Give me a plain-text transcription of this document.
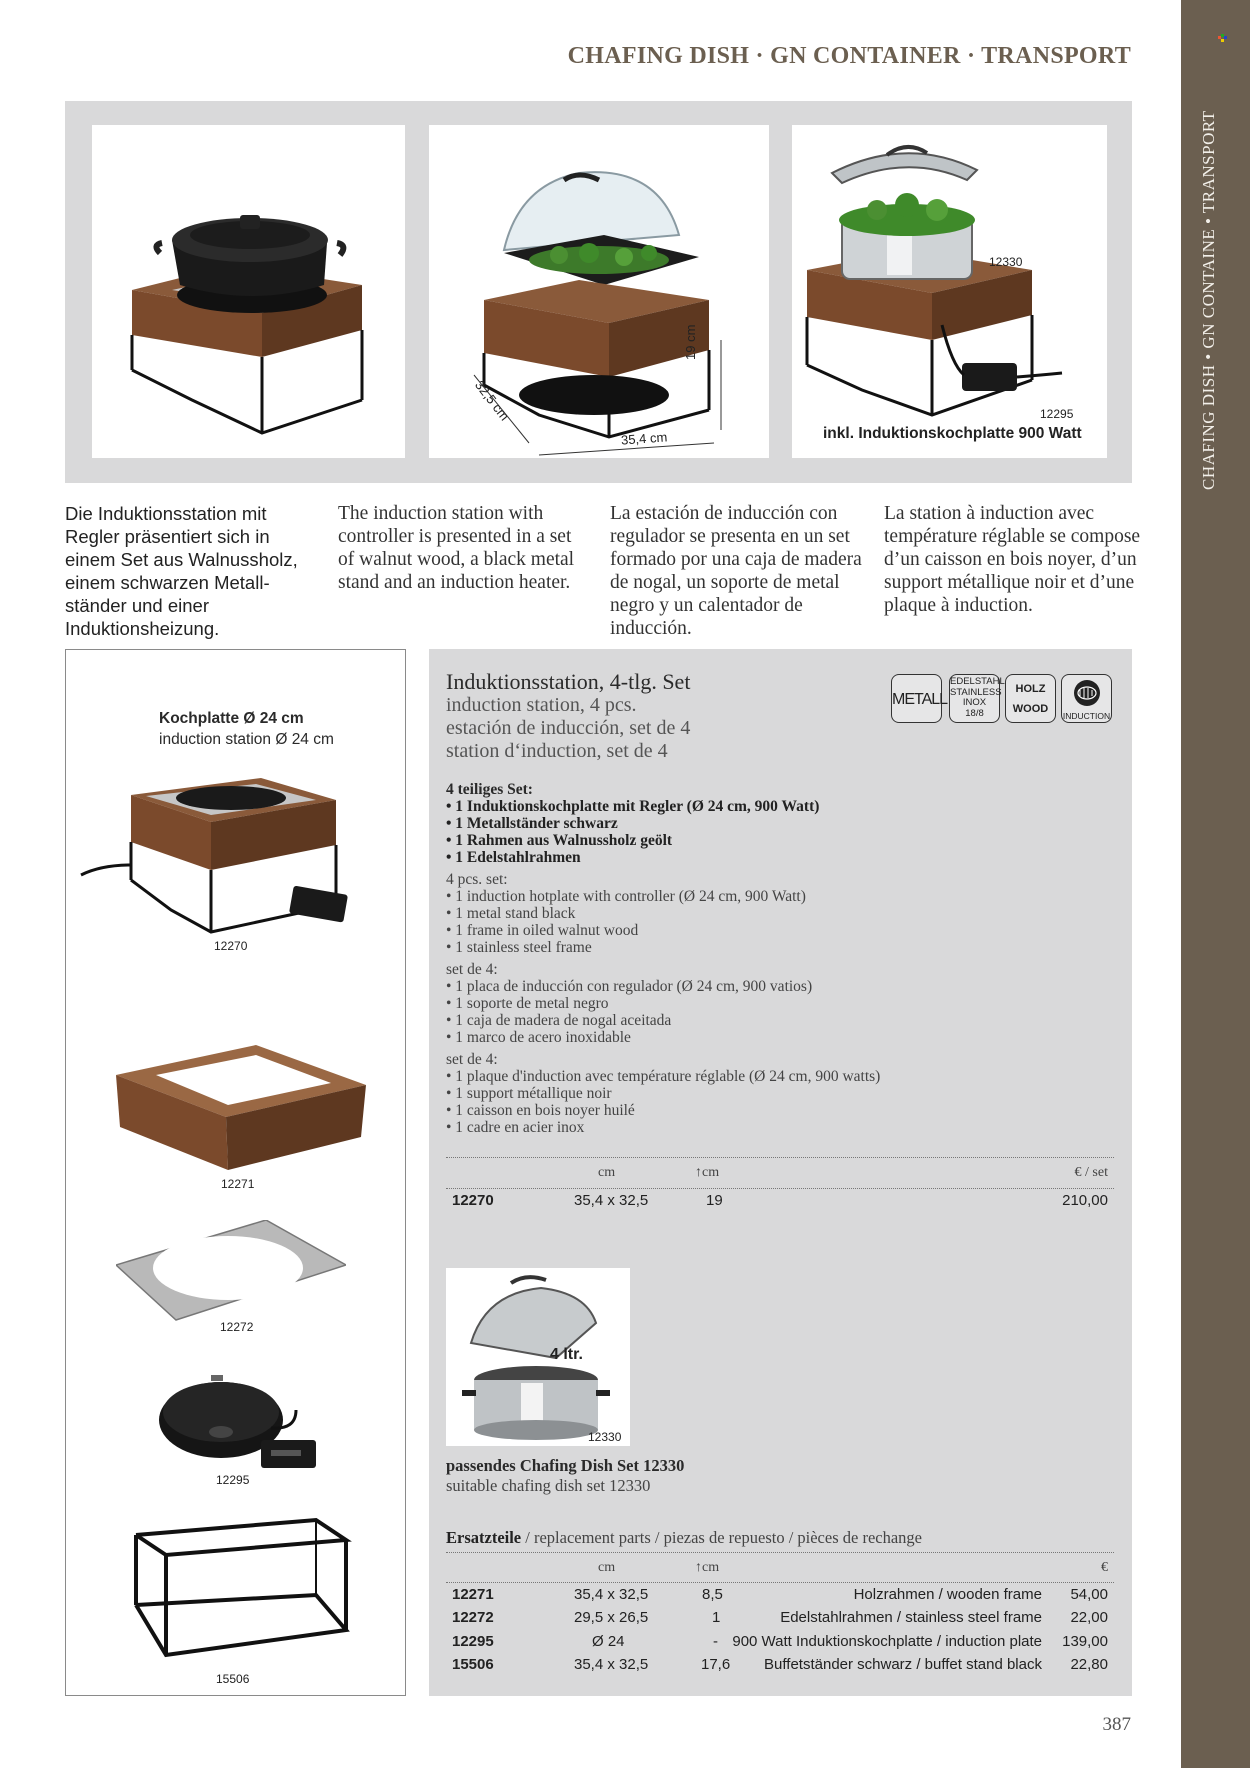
CHAFING DISH • GN CONTAINE • TRANSPORT
CHAFING DISH · GN CONTAINER · TRANSPORT
19 cm
32,5 cm
35,4 cm
12330
12295
inkl. Induktionskochplatte 900 Watt
Die Induktionsstation mit Regler präsentiert sich in einem Set aus Walnussholz, einem schwarzen Metallständer und einer Induktionsheizung.
The induction station with controller is presented in a set of walnut wood, a black metal stand and an induction heater.
La estación de inducción con regulador se presenta en un set formado por una caja de madera de nogal, un soporte de metal negro y un calentador de inducción.
La station à induction avec température réglable se compose d’un caisson en bois noyer, d’un support métallique noir et d’une plaque à induction.
Kochplatte Ø 24 cm
induction station Ø 24 cm
12270
12271
12272
12295
15506
Induktionsstation, 4-tlg. Set
induction station, 4 pcs.
estación de inducción, set de 4
station d‘induction, set de 4
METALL
EDELSTAHL
STAINLESS
INOX
18/8
HOLZ
WOOD
INDUCTION
4 teiliges Set:
• 1 Induktionskochplatte mit Regler (Ø 24 cm, 900 Watt)
• 1 Metallständer schwarz
• 1 Rahmen aus Walnussholz geölt
• 1 Edelstahlrahmen
4 pcs. set:
• 1 induction hotplate with controller (Ø 24 cm, 900 Watt)
• 1 metal stand black
• 1 frame in oiled walnut wood
• 1 stainless steel frame
set de 4:
• 1 placa de inducción con regulador (Ø 24 cm, 900 vatios)
• 1 soporte de metal negro
• 1 caja de madera de nogal aceitada
• 1 marco de acero inoxidable
set de 4:
• 1 plaque d'induction avec température réglable (Ø 24 cm, 900 watts)
• 1 support métallique noir
• 1 caisson en bois noyer huilé
• 1 cadre en acier inox
cm	↑cm	€ / set
12270	35,4 x 32,5	19	210,00
4 ltr.
12330
passendes Chafing Dish Set 12330
suitable chafing dish set 12330
Ersatzteile / replacement parts / piezas de repuesto / pièces de rechange
cm	↑cm	€
12271	35,4 x 32,5	8,5	Holzrahmen / wooden frame 54,00
12272	29,5 x 26,5	1	Edelstahlrahmen / stainless steel frame 22,00
12295	Ø 24	- 900 Watt Induktionskochplatte / induction plate 139,00
15506	35,4 x 32,5	17,6 Buffetständer schwarz / buffet stand black 22,80
387
